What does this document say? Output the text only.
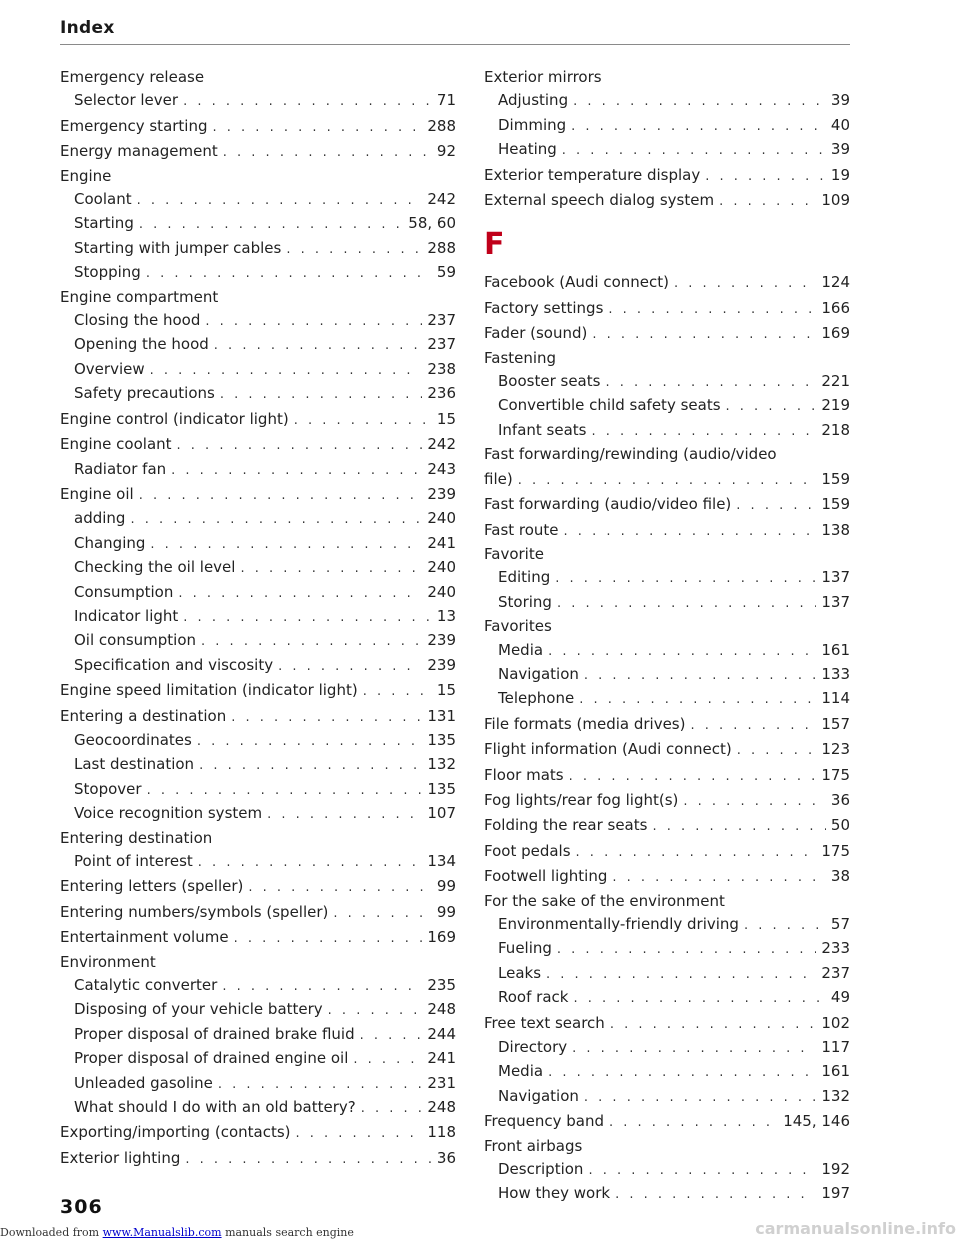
Index
Emergency release
Selector lever . . .	71
Emergency starting . . .	288
Energy management . . .	92
Engine
Coolant . . .	242
Starting . . .	58, 60
Starting with jumper cables . . .	288
Stopping . . .	59
Engine compartment
Closing the hood . . .	237
Opening the hood . . .	237
Overview . . .	238
Safety precautions . . .	236
Engine control (indicator light) . . .	15
Engine coolant . . .	242
Radiator fan . . .	243
Engine oil . . .	239
adding . . .	240
Changing . . .	241
Checking the oil level . . .	240
Consumption . . .	240
Indicator light . . .	13
Oil consumption . . .	239
Specification and viscosity . . .	239
Engine speed limitation (indicator light) . . .	15
Entering a destination . . .	131
Geocoordinates . . .	135
Last destination . . .	132
Stopover . . .	135
Voice recognition system . . .	107
Entering destination
Point of interest . . .	134
Entering letters (speller) . . .	99
Entering numbers/symbols (speller) . . .	99
Entertainment volume . . .	169
Environment
Catalytic converter . . .	235
Disposing of your vehicle battery . . .	248
Proper disposal of drained brake fluid . . .	244
Proper disposal of drained engine oil . . .	241
Unleaded gasoline . . .	231
What should I do with an old battery? . . .	248
Exporting/importing (contacts) . . .	118
Exterior lighting . . .	36
Exterior mirrors
Adjusting . . .	39
Dimming . . .	40
Heating . . .	39
Exterior temperature display . . .	19
External speech dialog system . . .	109
F
Facebook (Audi connect) . . .	124
Factory settings . . .	166
Fader (sound) . . .	169
Fastening
Booster seats . . .	221
Convertible child safety seats . . .	219
Infant seats . . .	218
Fast forwarding/rewinding (audio/video
file) . . .	159
Fast forwarding (audio/video file) . . .	159
Fast route . . .	138
Favorite
Editing . . .	137
Storing . . .	137
Favorites
Media . . .	161
Navigation . . .	133
Telephone . . .	114
File formats (media drives) . . .	157
Flight information (Audi connect) . . .	123
Floor mats . . .	175
Fog lights/rear fog light(s) . . .	36
Folding the rear seats . . .	50
Foot pedals . . .	175
Footwell lighting . . .	38
For the sake of the environment
Environmentally-friendly driving . . .	57
Fueling . . .	233
Leaks . . .	237
Roof rack . . .	49
Free text search . . .	102
Directory . . .	117
Media . . .	161
Navigation . . .	132
Frequency band . . .	145, 146
Front airbags
Description . . .	192
How they work . . .	197
306
Downloaded from www.Manualslib.com manuals search engine	carmanualsonline.info
